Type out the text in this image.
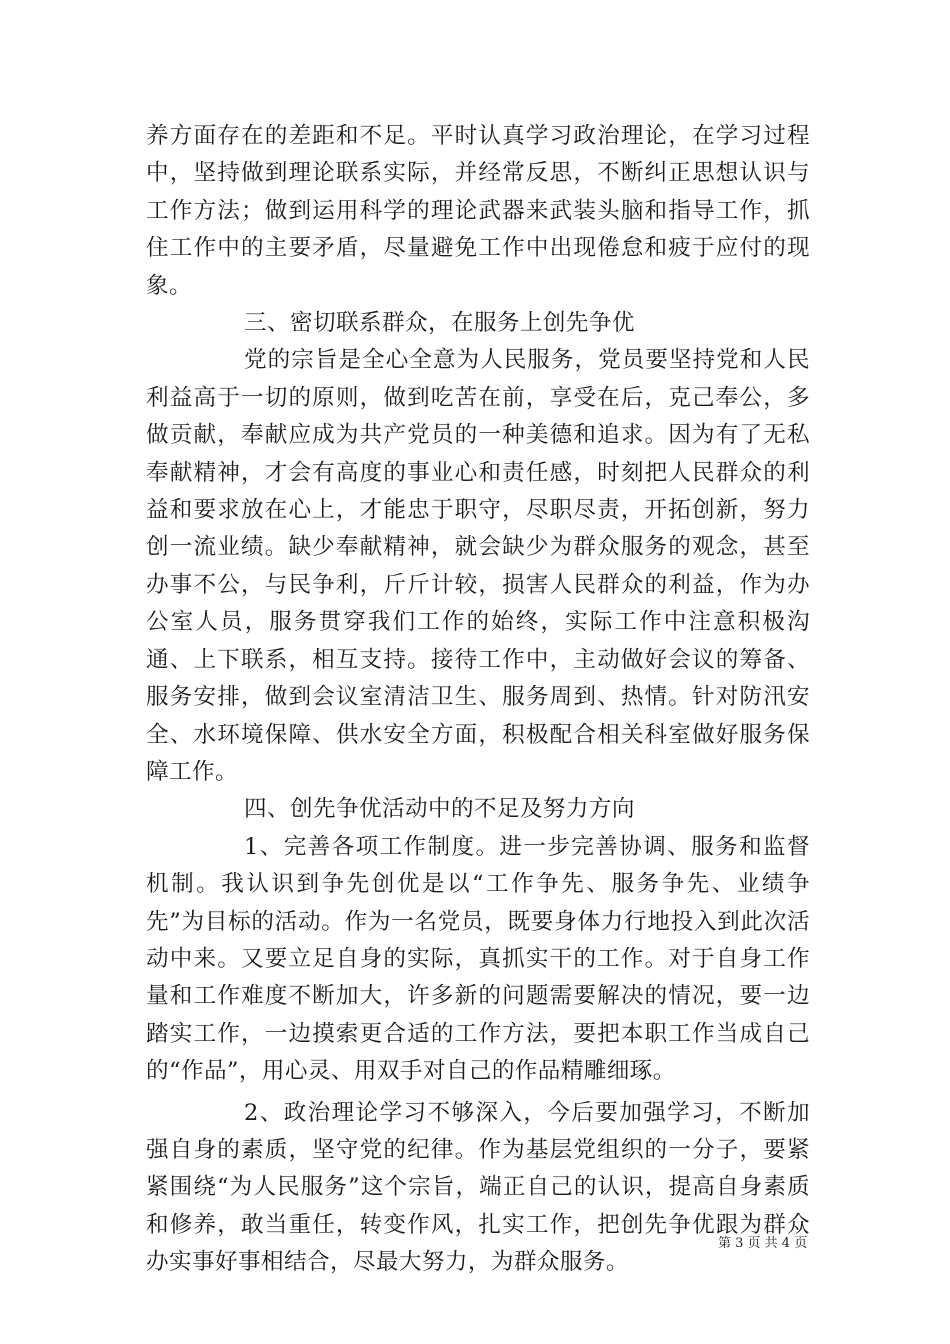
养方面存在的差距和不足。平时认真学习政治理论，在学习过程中，坚持做到理论联系实际，并经常反思，不断纠正思想认识与工作方法；做到运用科学的理论武器来武装头脑和指导工作，抓住工作中的主要矛盾，尽量避免工作中出现倦怠和疲于应付的现象。

三、密切联系群众，在服务上创先争优

党的宗旨是全心全意为人民服务，党员要坚持党和人民利益高于一切的原则，做到吃苦在前，享受在后，克己奉公，多做贡献，奉献应成为共产党员的一种美德和追求。因为有了无私奉献精神，才会有高度的事业心和责任感，时刻把人民群众的利益和要求放在心上，才能忠于职守，尽职尽责，开拓创新，努力创一流业绩。缺少奉献精神，就会缺少为群众服务的观念，甚至办事不公，与民争利，斤斤计较，损害人民群众的利益，作为办公室人员，服务贯穿我们工作的始终，实际工作中注意积极沟通、上下联系，相互支持。接待工作中，主动做好会议的筹备、服务安排，做到会议室清洁卫生、服务周到、热情。针对防汛安全、水环境保障、供水安全方面，积极配合相关科室做好服务保障工作。

四、创先争优活动中的不足及努力方向

1、完善各项工作制度。进一步完善协调、服务和监督机制。我认识到争先创优是以“工作争先、服务争先、业绩争先”为目标的活动。作为一名党员，既要身体力行地投入到此次活动中来。又要立足自身的实际，真抓实干的工作。对于自身工作量和工作难度不断加大，许多新的问题需要解决的情况，要一边踏实工作，一边摸索更合适的工作方法，要把本职工作当成自己的“作品”，用心灵、用双手对自己的作品精雕细琢。

2、政治理论学习不够深入，今后要加强学习，不断加强自身的素质，坚守党的纪律。作为基层党组织的一分子，要紧紧围绕“为人民服务”这个宗旨，端正自己的认识，提高自身素质和修养，敢当重任，转变作风，扎实工作，把创先争优跟为群众办实事好事相结合，尽最大努力，为群众服务。

第 3 页 共 4 页
